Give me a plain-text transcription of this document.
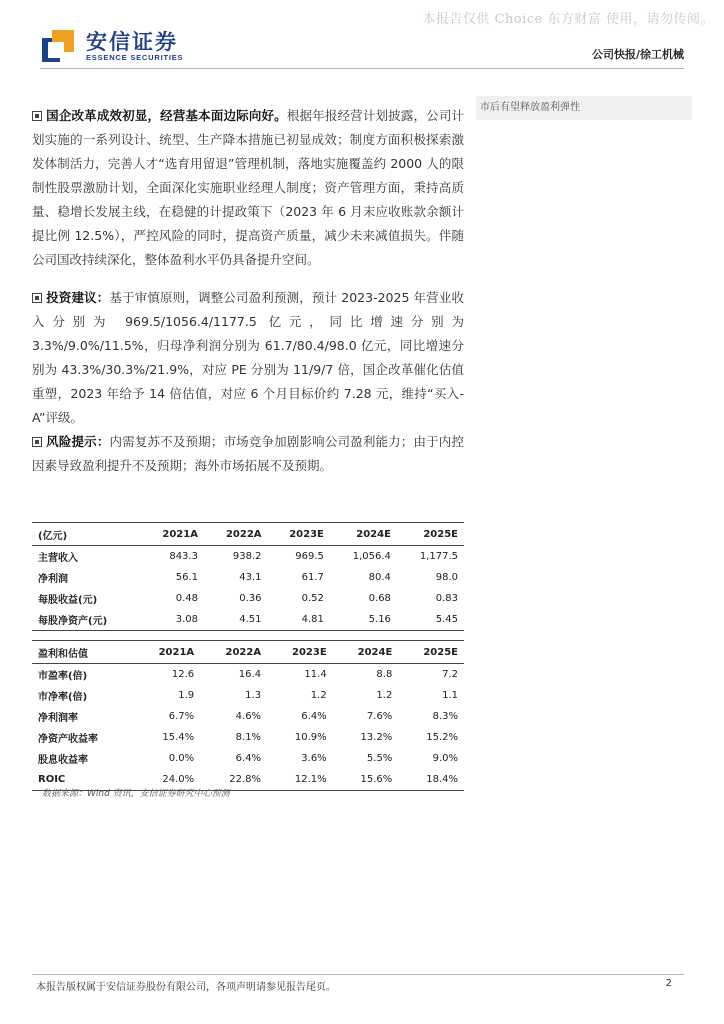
本报告仅供 Choice 东方财富 使用，请勿传阅。
安信证券
ESSENCE SECURITIES	公司快报/徐工机械
市后有望释放盈利弹性
国企改革成效初显，经营基本面边际向好。根据年报经营计划披露，公司计划实施的一系列设计、统型、生产降本措施已初显成效；制度方面积极探索激发体制活力，完善人才“选育用留退”管理机制，落地实施覆盖约 2000 人的限制性股票激励计划，全面深化实施职业经理人制度；资产管理方面，秉持高质量、稳增长发展主线，在稳健的计提政策下（2023 年 6 月末应收账款余额计提比例 12.5%），严控风险的同时，提高资产质量，减少未来减值损失。伴随公司国改持续深化，整体盈利水平仍具备提升空间。
投资建议：基于审慎原则，调整公司盈利预测，预计 2023-2025 年营业收入分别为 969.5/1056.4/1177.5 亿元，同比增速分别为 3.3%/9.0%/11.5%，归母净利润分别为 61.7/80.4/98.0 亿元，同比增速分别为 43.3%/30.3%/21.9%，对应 PE 分别为 11/9/7 倍，国企改革催化估值重塑，2023 年给予 14 倍估值，对应 6 个月目标价约 7.28 元，维持“买入-A”评级。
风险提示：内需复苏不及预期；市场竞争加剧影响公司盈利能力；由于内控因素导致盈利提升不及预期；海外市场拓展不及预期。
(亿元)	2021A	2022A	2023E	2024E	2025E
主营收入	843.3	938.2	969.5	1,056.4	1,177.5
净利润	56.1	43.1	61.7	80.4	98.0
每股收益(元)	0.48	0.36	0.52	0.68	0.83
每股净资产(元)	3.08	4.51	4.81	5.16	5.45
盈利和估值	2021A	2022A	2023E	2024E	2025E
市盈率(倍)	12.6	16.4	11.4	8.8	7.2
市净率(倍)	1.9	1.3	1.2	1.2	1.1
净利润率	6.7%	4.6%	6.4%	7.6%	8.3%
净资产收益率	15.4%	8.1%	10.9%	13.2%	15.2%
股息收益率	0.0%	6.4%	3.6%	5.5%	9.0%
ROIC	24.0%	22.8%	12.1%	15.6%	18.4%
数据来源：Wind 资讯，安信证券研究中心预测
本报告版权属于安信证券股份有限公司，各项声明请参见报告尾页。	2
